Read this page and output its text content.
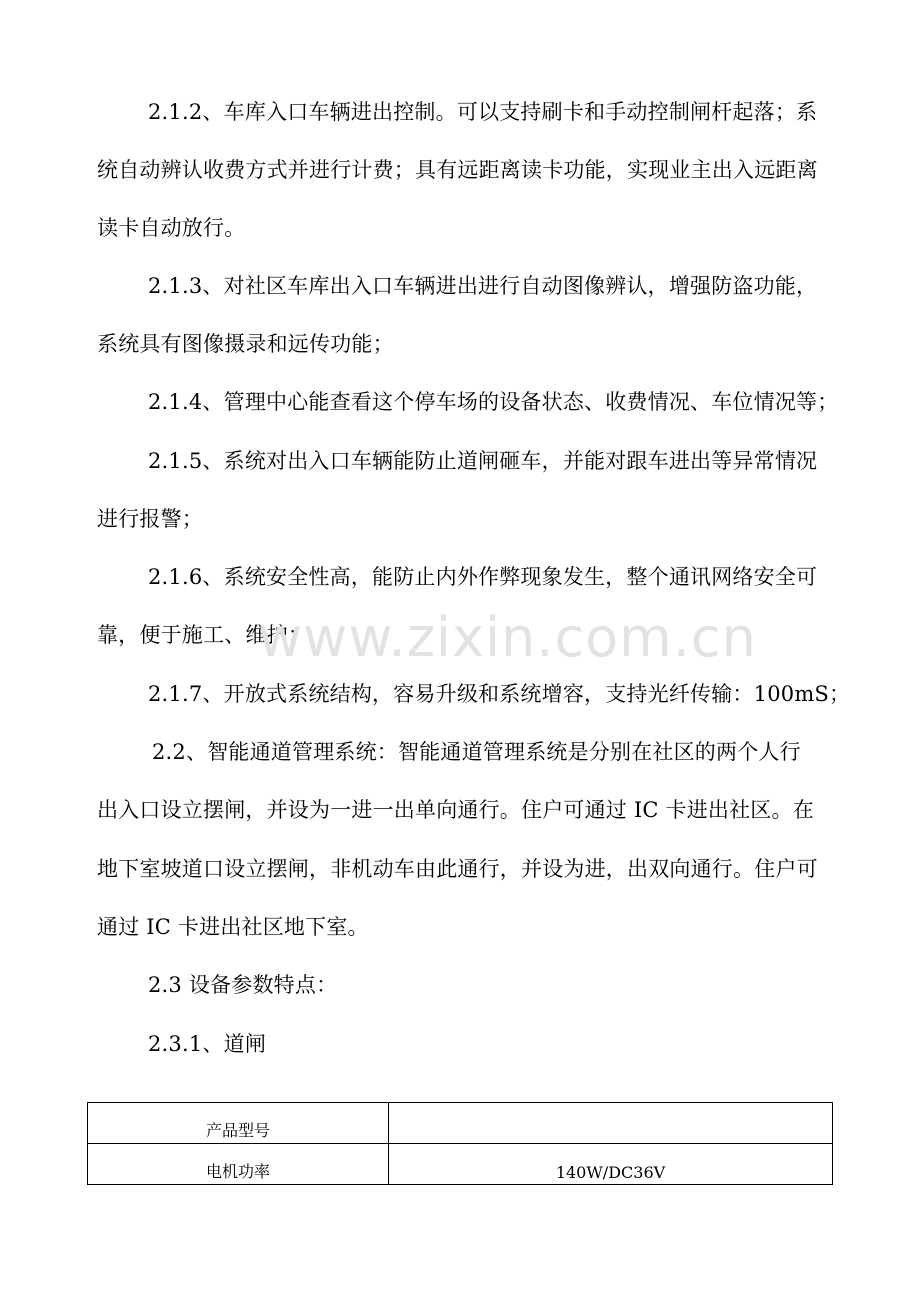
2.1.2、车库入口车辆进出控制。可以支持刷卡和手动控制闸杆起落；系
统自动辨认收费方式并进行计费；具有远距离读卡功能，实现业主出入远距离
读卡自动放行。
2.1.3、对社区车库出入口车辆进出进行自动图像辨认，增强防盗功能，
系统具有图像摄录和远传功能；
2.1.4、管理中心能查看这个停车场的设备状态、收费情况、车位情况等；
2.1.5、系统对出入口车辆能防止道闸砸车，并能对跟车进出等异常情况
进行报警；
2.1.6、系统安全性高，能防止内外作弊现象发生，整个通讯网络安全可
靠，便于施工、维护；
www.zixin.com.cn
2.1.7、开放式系统结构，容易升级和系统增容，支持光纤传输：100mS；
2.2、智能通道管理系统：智能通道管理系统是分别在社区的两个人行
出入口设立摆闸，并设为一进一出单向通行。住户可通过 IC 卡进出社区。在
地下室坡道口设立摆闸，非机动车由此通行，并设为进，出双向通行。住户可
通过 IC 卡进出社区地下室。
2.3 设备参数特点：
2.3.1、道闸
产品型号	
电机功率	140W/DC36V
